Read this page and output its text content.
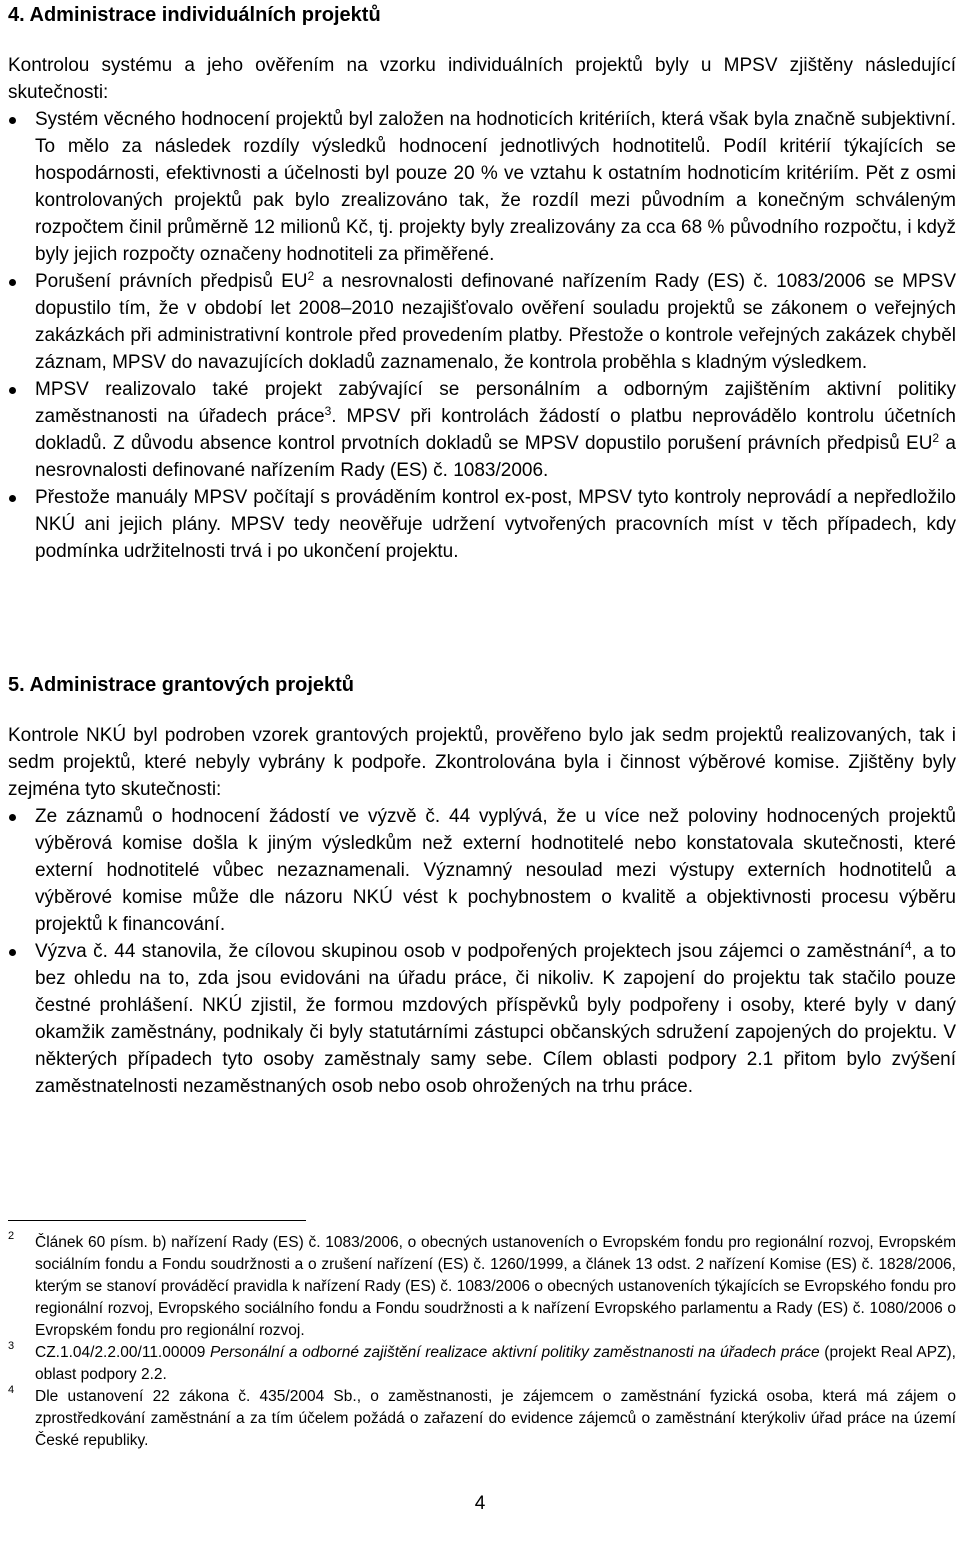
4. Administrace individuálních projektů

Kontrolou systému a jeho ověřením na vzorku individuálních projektů byly u MPSV zjištěny následující skutečnosti:

Systém věcného hodnocení projektů byl založen na hodnoticích kritériích, která však byla značně subjektivní. To mělo za následek rozdíly výsledků hodnocení jednotlivých hodnotitelů. Podíl kritérií týkajících se hospodárnosti, efektivnosti a účelnosti byl pouze 20 % ve vztahu k ostatním hodnoticím kritériím. Pět z osmi kontrolovaných projektů pak bylo zrealizováno tak, že rozdíl mezi původním a konečným schváleným rozpočtem činil průměrně 12 milionů Kč, tj. projekty byly zrealizovány za cca 68 % původního rozpočtu, i když byly jejich rozpočty označeny hodnotiteli za přiměřené.
Porušení právních předpisů $EU^2$ a nesrovnalosti definované nařízením Rady (ES) č. 1083/2006 se MPSV dopustilo tím, že v období let 2008–2010 nezajišťovalo ověření souladu projektů se zákonem o veřejných zakázkách při administrativní kontrole před provedením platby. Přestože o kontrole veřejných zakázek chyběl záznam, MPSV do navazujících dokladů zaznamenalo, že kontrola proběhla s kladným výsledkem.
MPSV realizovalo také projekt zabývající se personálním a odborným zajištěním aktivní politiky zaměstnanosti na úřadech práce$^3$. MPSV při kontrolách žádostí o platbu neprovádělo kontrolu účetních dokladů. Z důvodu absence kontrol prvotních dokladů se MPSV dopustilo porušení právních předpisů $EU^2$ a nesrovnalosti definované nařízením Rady (ES) č. 1083/2006.
Přestože manuály MPSV počítají s prováděním kontrol ex-post, MPSV tyto kontroly neprovádí a nepředložilo NKÚ ani jejich plány. MPSV tedy neověřuje udržení vytvořených pracovních míst v těch případech, kdy podmínka udržitelnosti trvá i po ukončení projektu.
5. Administrace grantových projektů

Kontrole NKÚ byl podroben vzorek grantových projektů, prověřeno bylo jak sedm projektů realizovaných, tak i sedm projektů, které nebyly vybrány k podpoře. Zkontrolována byla i činnost výběrové komise. Zjištěny byly zejména tyto skutečnosti:

Ze záznamů o hodnocení žádostí ve výzvě č. 44 vyplývá, že u více než poloviny hodnocených projektů výběrová komise došla k jiným výsledkům než externí hodnotitelé nebo konstatovala skutečnosti, které externí hodnotitelé vůbec nezaznamenali. Významný nesoulad mezi výstupy externích hodnotitelů a výběrové komise může dle názoru NKÚ vést k pochybnostem o kvalitě a objektivnosti procesu výběru projektů k financování.
Výzva č. 44 stanovila, že cílovou skupinou osob v podpořených projektech jsou zájemci o zaměstnání$^4$, a to bez ohledu na to, zda jsou evidováni na úřadu práce, či nikoliv. K zapojení do projektu tak stačilo pouze čestné prohlášení. NKÚ zjistil, že formou mzdových příspěvků byly podpořeny i osoby, které byly v daný okamžik zaměstnány, podnikaly či byly statutárními zástupci občanských sdružení zapojených do projektu. V některých případech tyto osoby zaměstnaly samy sebe. Cílem oblasti podpory 2.1 přitom bylo zvýšení zaměstnatelnosti nezaměstnaných osob nebo osob ohrožených na trhu práce.
2 Článek 60 písm. b) nařízení Rady (ES) č. 1083/2006, o obecných ustanoveních o Evropském fondu pro regionální rozvoj, Evropském sociálním fondu a Fondu soudržnosti a o zrušení nařízení (ES) č. 1260/1999, a článek 13 odst. 2 nařízení Komise (ES) č. 1828/2006, kterým se stanoví prováděcí pravidla k nařízení Rady (ES) č. 1083/2006 o obecných ustanoveních týkajících se Evropského fondu pro regionální rozvoj, Evropského sociálního fondu a Fondu soudržnosti a k nařízení Evropského parlamentu a Rady (ES) č. 1080/2006 o Evropském fondu pro regionální rozvoj.
3 CZ.1.04/2.2.00/11.00009 Personální a odborné zajištění realizace aktivní politiky zaměstnanosti na úřadech práce (projekt Real APZ), oblast podpory 2.2.
4 Dle ustanovení 22 zákona č. 435/2004 Sb., o zaměstnanosti, je zájemcem o zaměstnání fyzická osoba, která má zájem o zprostředkování zaměstnání a za tím účelem požádá o zařazení do evidence zájemců o zaměstnání kterýkoliv úřad práce na území České republiky.
4
